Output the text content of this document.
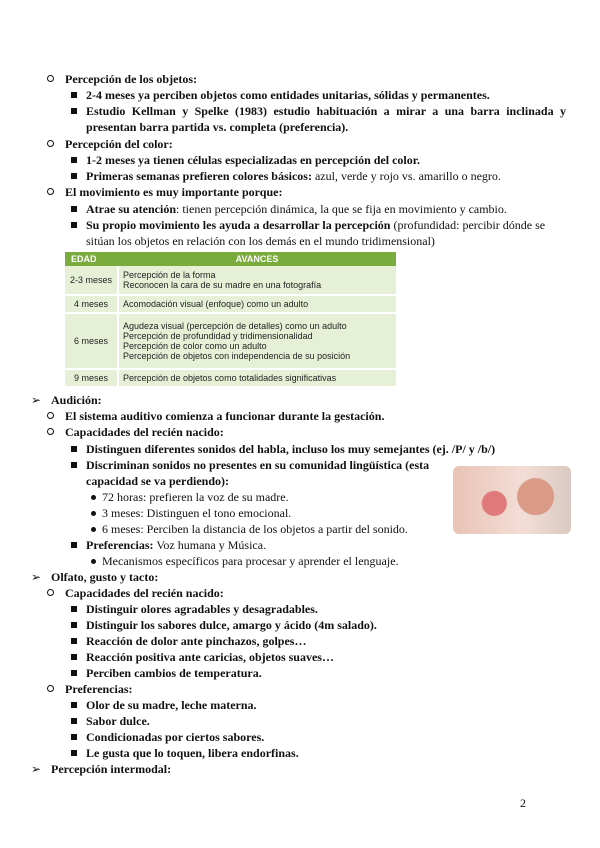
Percepción de los objetos:
2-4 meses ya perciben objetos como entidades unitarias, sólidas y permanentes.
Estudio Kellman y Spelke (1983) estudio habituación a mirar a una barra inclinada y
presentan barra partida vs. completa (preferencia).
Percepción del color:
1-2 meses ya tienen células especializadas en percepción del color.
Primeras semanas prefieren colores básicos: azul, verde y rojo vs. amarillo o negro.
El movimiento es muy importante porque:
Atrae su atención: tienen percepción dinámica, la que se fija en movimiento y cambio.
Su propio movimiento les ayuda a desarrollar la percepción (profundidad: percibir dónde se
sitúan los objetos en relación con los demás en el mundo tridimensional)
EDAD	AVANCES
2-3 meses	Percepción de la forma
Reconocen la cara de su madre en una fotografía

4 meses	Acomodación visual (enfoque) como un adulto
6 meses	Agudeza visual (percepción de detalles) como un adulto
Percepción de profundidad y tridimensionalidad
Percepción de color como un adulto
Percepción de objetos con independencia de su posición

9 meses	Percepción de objetos como totalidades significativas
➢ Audición:
El sistema auditivo comienza a funcionar durante la gestación.
Capacidades del recién nacido:
Distinguen diferentes sonidos del habla, incluso los muy semejantes (ej. /P/ y /b/)
Discriminan sonidos no presentes en su comunidad lingüística (esta
capacidad se va perdiendo):
72 horas: prefieren la voz de su madre.
3 meses: Distinguen el tono emocional.
6 meses: Perciben la distancia de los objetos a partir del sonido.
Preferencias: Voz humana y Música.
Mecanismos específicos para procesar y aprender el lenguaje.
➢ Olfato, gusto y tacto:
Capacidades del recién nacido:
Distinguir olores agradables y desagradables.
Distinguir los sabores dulce, amargo y ácido (4m salado).
Reacción de dolor ante pinchazos, golpes…
Reacción positiva ante caricias, objetos suaves…
Perciben cambios de temperatura.
Preferencias:
Olor de su madre, leche materna.
Sabor dulce.
Condicionadas por ciertos sabores.
Le gusta que lo toquen, libera endorfinas.
➢ Percepción intermodal:
2
